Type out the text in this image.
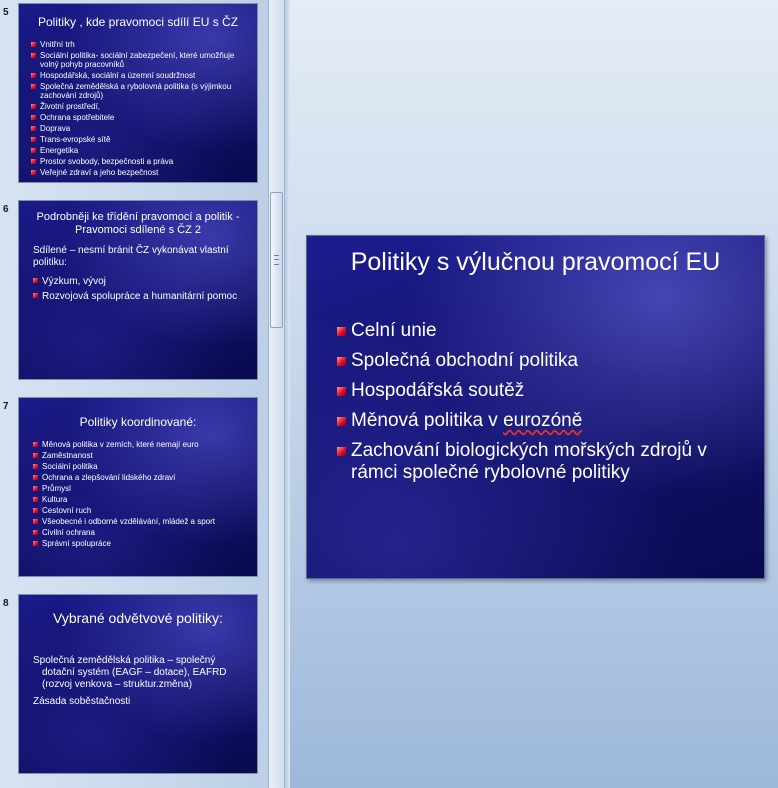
5
Politiky , kde pravomoci sdílí EU s ČZ
Vnitřní trh
Sociální politika- sociální zabezpečení, které umožňuje volný pohyb pracovníků
Hospodářská, sociální a územní soudržnost
Společná zemědělská a rybolovná politika (s výjimkou zachování zdrojů)
Životní prostředí,
Ochrana spotřebitele
Doprava
Trans-evropské sítě
Energetika
Prostor svobody, bezpečnosti a práva
Veřejné zdraví a jeho bezpečnost
6
Podrobněji ke třídění pravomocí a politik - Pravomoci sdílené s ČZ 2
Sdílené – nesmí bránit ČZ vykonávat vlastní politiku:
Výzkum, vývoj
Rozvojová spolupráce a humanitární pomoc
7
Politiky koordinované:
Měnová politika v zemích, které nemají euro
Zaměstnanost
Sociální politika
Ochrana a zlepšování lidského zdraví
Průmysl
Kultura
Cestovní ruch
Všeobecné i odborné vzdělávání, mládež a sport
Civilní ochrana
Správní spolupráce
8
Vybrané odvětvové politiky:
Společná zemědělská politika – společný dotační systém (EAGF – dotace), EAFRD (rozvoj venkova – struktur.změna)
Zásada soběstačnosti
Politiky s výlučnou pravomocí EU
Celní unie
Společná obchodní politika
Hospodářská soutěž
Měnová politika v eurozóně
Zachování biologických mořských zdrojů v rámci společné rybolovné politiky
